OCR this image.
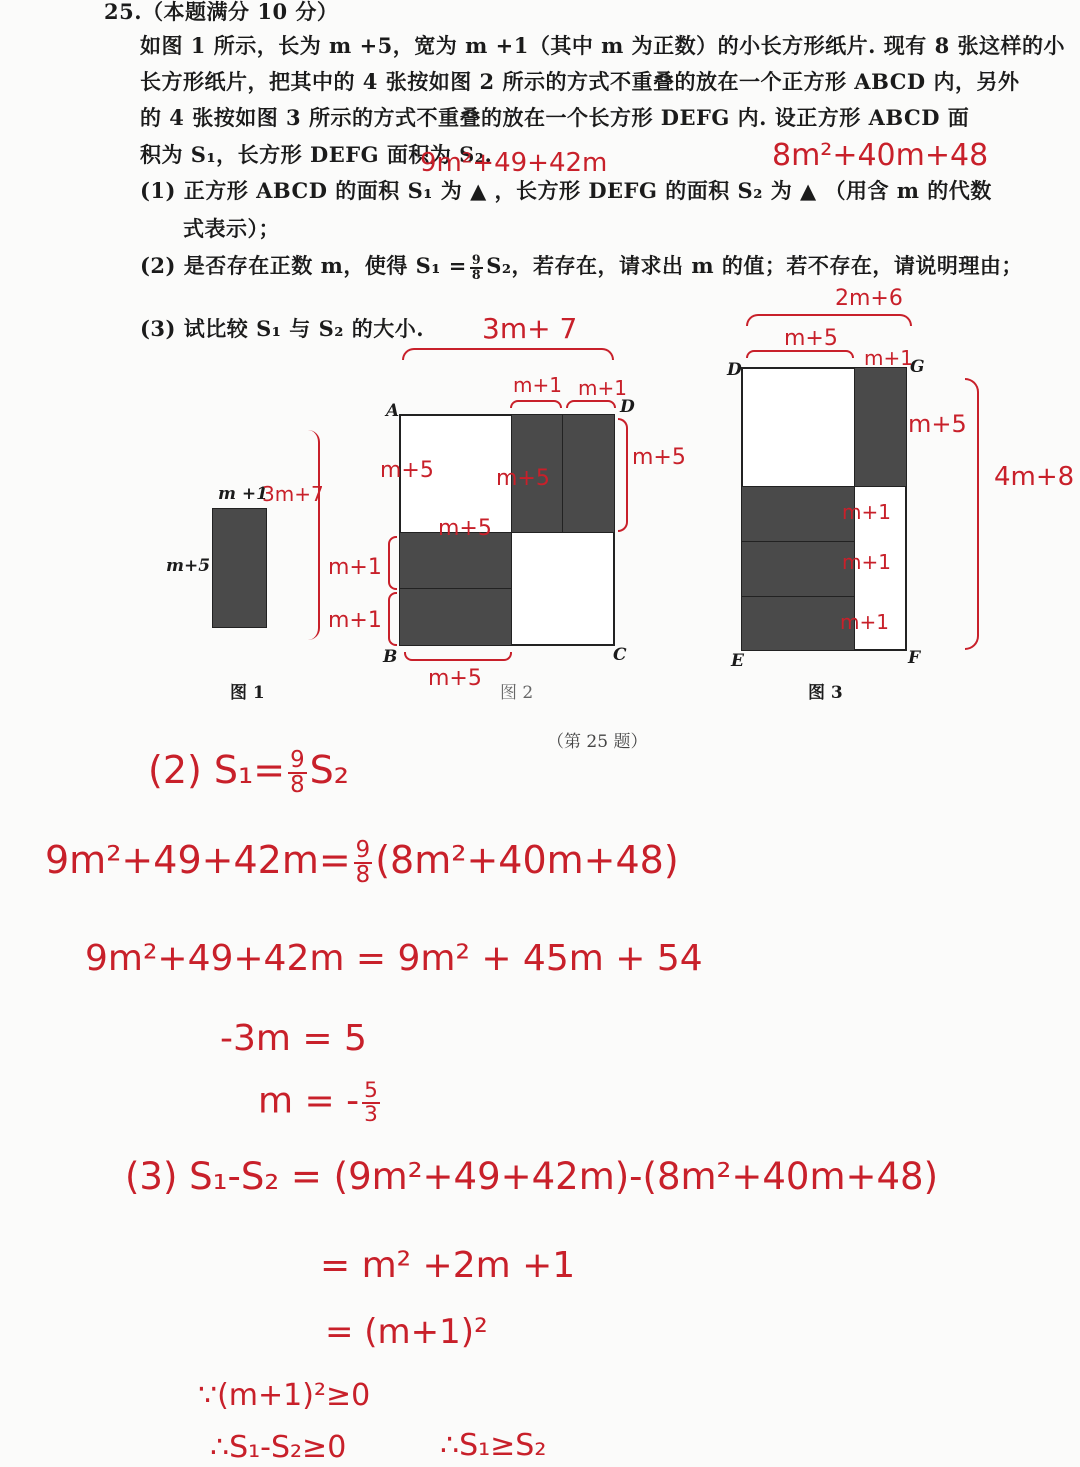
25.（本题满分 10 分）
如图 1 所示，长为 m +5，宽为 m +1（其中 m 为正数）的小长方形纸片. 现有 8 张这样的小
长方形纸片，把其中的 4 张按如图 2 所示的方式不重叠的放在一个正方形 ABCD 内，另外
的 4 张按如图 3 所示的方式不重叠的放在一个长方形 DEFG 内. 设正方形 ABCD 面
积为 S₁，长方形 DEFG 面积为 S₂.
(1) 正方形 ABCD 的面积 S₁ 为 ▲ ，长方形 DEFG 的面积 S₂ 为 ▲ （用含 m 的代数
式表示）；
(2) 是否存在正数 m，使得 $S_1 = \frac{9}{8} S_2$，若存在，请求出 m 的值；若不存在，请说明理由；
(3) 试比较 S₁ 与 S₂ 的大小.
m +1
m+5
图 1
A	D
B	C
图 2
D	G
E	F
图 3
（第 25 题）
9m²+49+42m	8m²+40m+48
3m+7
3m+ 7
m+1 m+1
m+5
m+5	m+5
m+5
m+1
m+1
m+5
2m+6
m+5
m+1
m+5
4m+8
m+1
m+1
m+1
(2) $S_1= \frac{9}{8} S_2$
$9m^2+49+42m= \frac{9}{8} (8m^2+40m+48)$
9m²+49+42m = 9m² + 45m + 54
-3m = 5
m = - $\frac{5}{3}$
(3) S₁-S₂ = (9m²+49+42m)-(8m²+40m+48)
= m² +2m +1
= (m+1)²
∵(m+1)²≥0
∴S₁-S₂≥0	∴S₁≥S₂
